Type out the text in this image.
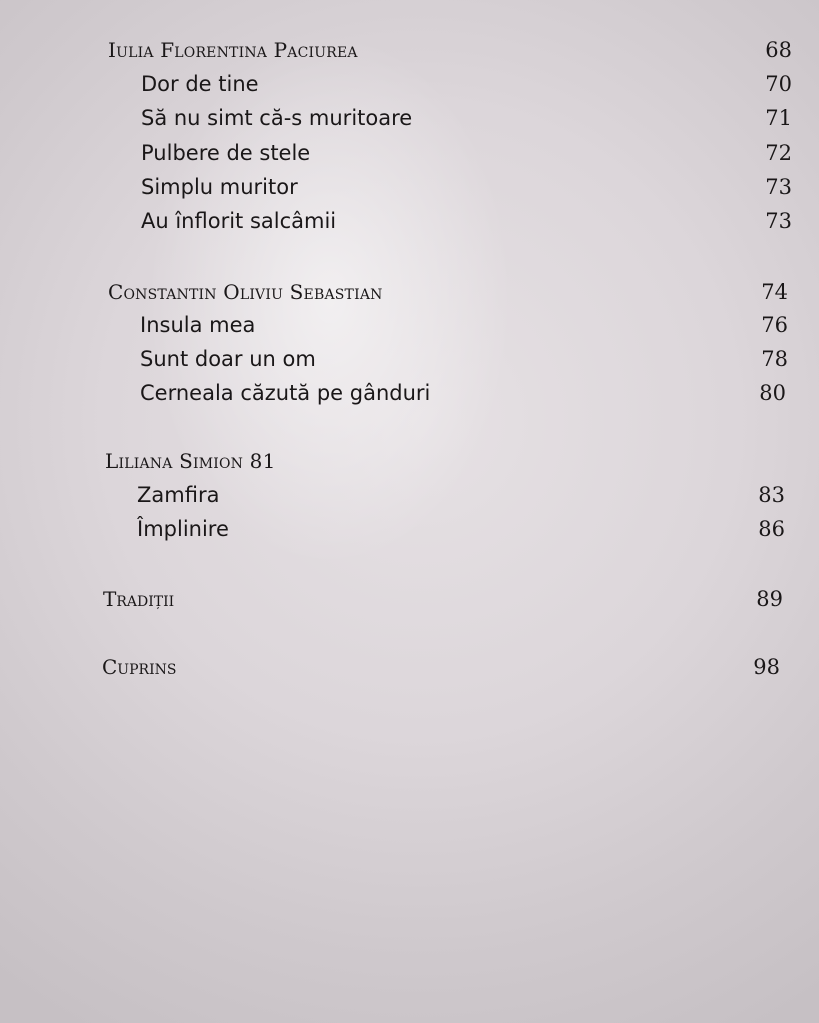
Iulia Florentina Paciurea	68
Dor de tine	70
Să nu simt că-s muritoare	71
Pulbere de stele	72
Simplu muritor	73
Au înflorit salcâmii	73
Constantin Oliviu Sebastian	74
Insula mea	76
Sunt doar un om	78
Cerneala căzută pe gânduri	80
Liliana Simion 81
Zamfira	83
Împlinire	86
Tradiții	89
Cuprins	98
